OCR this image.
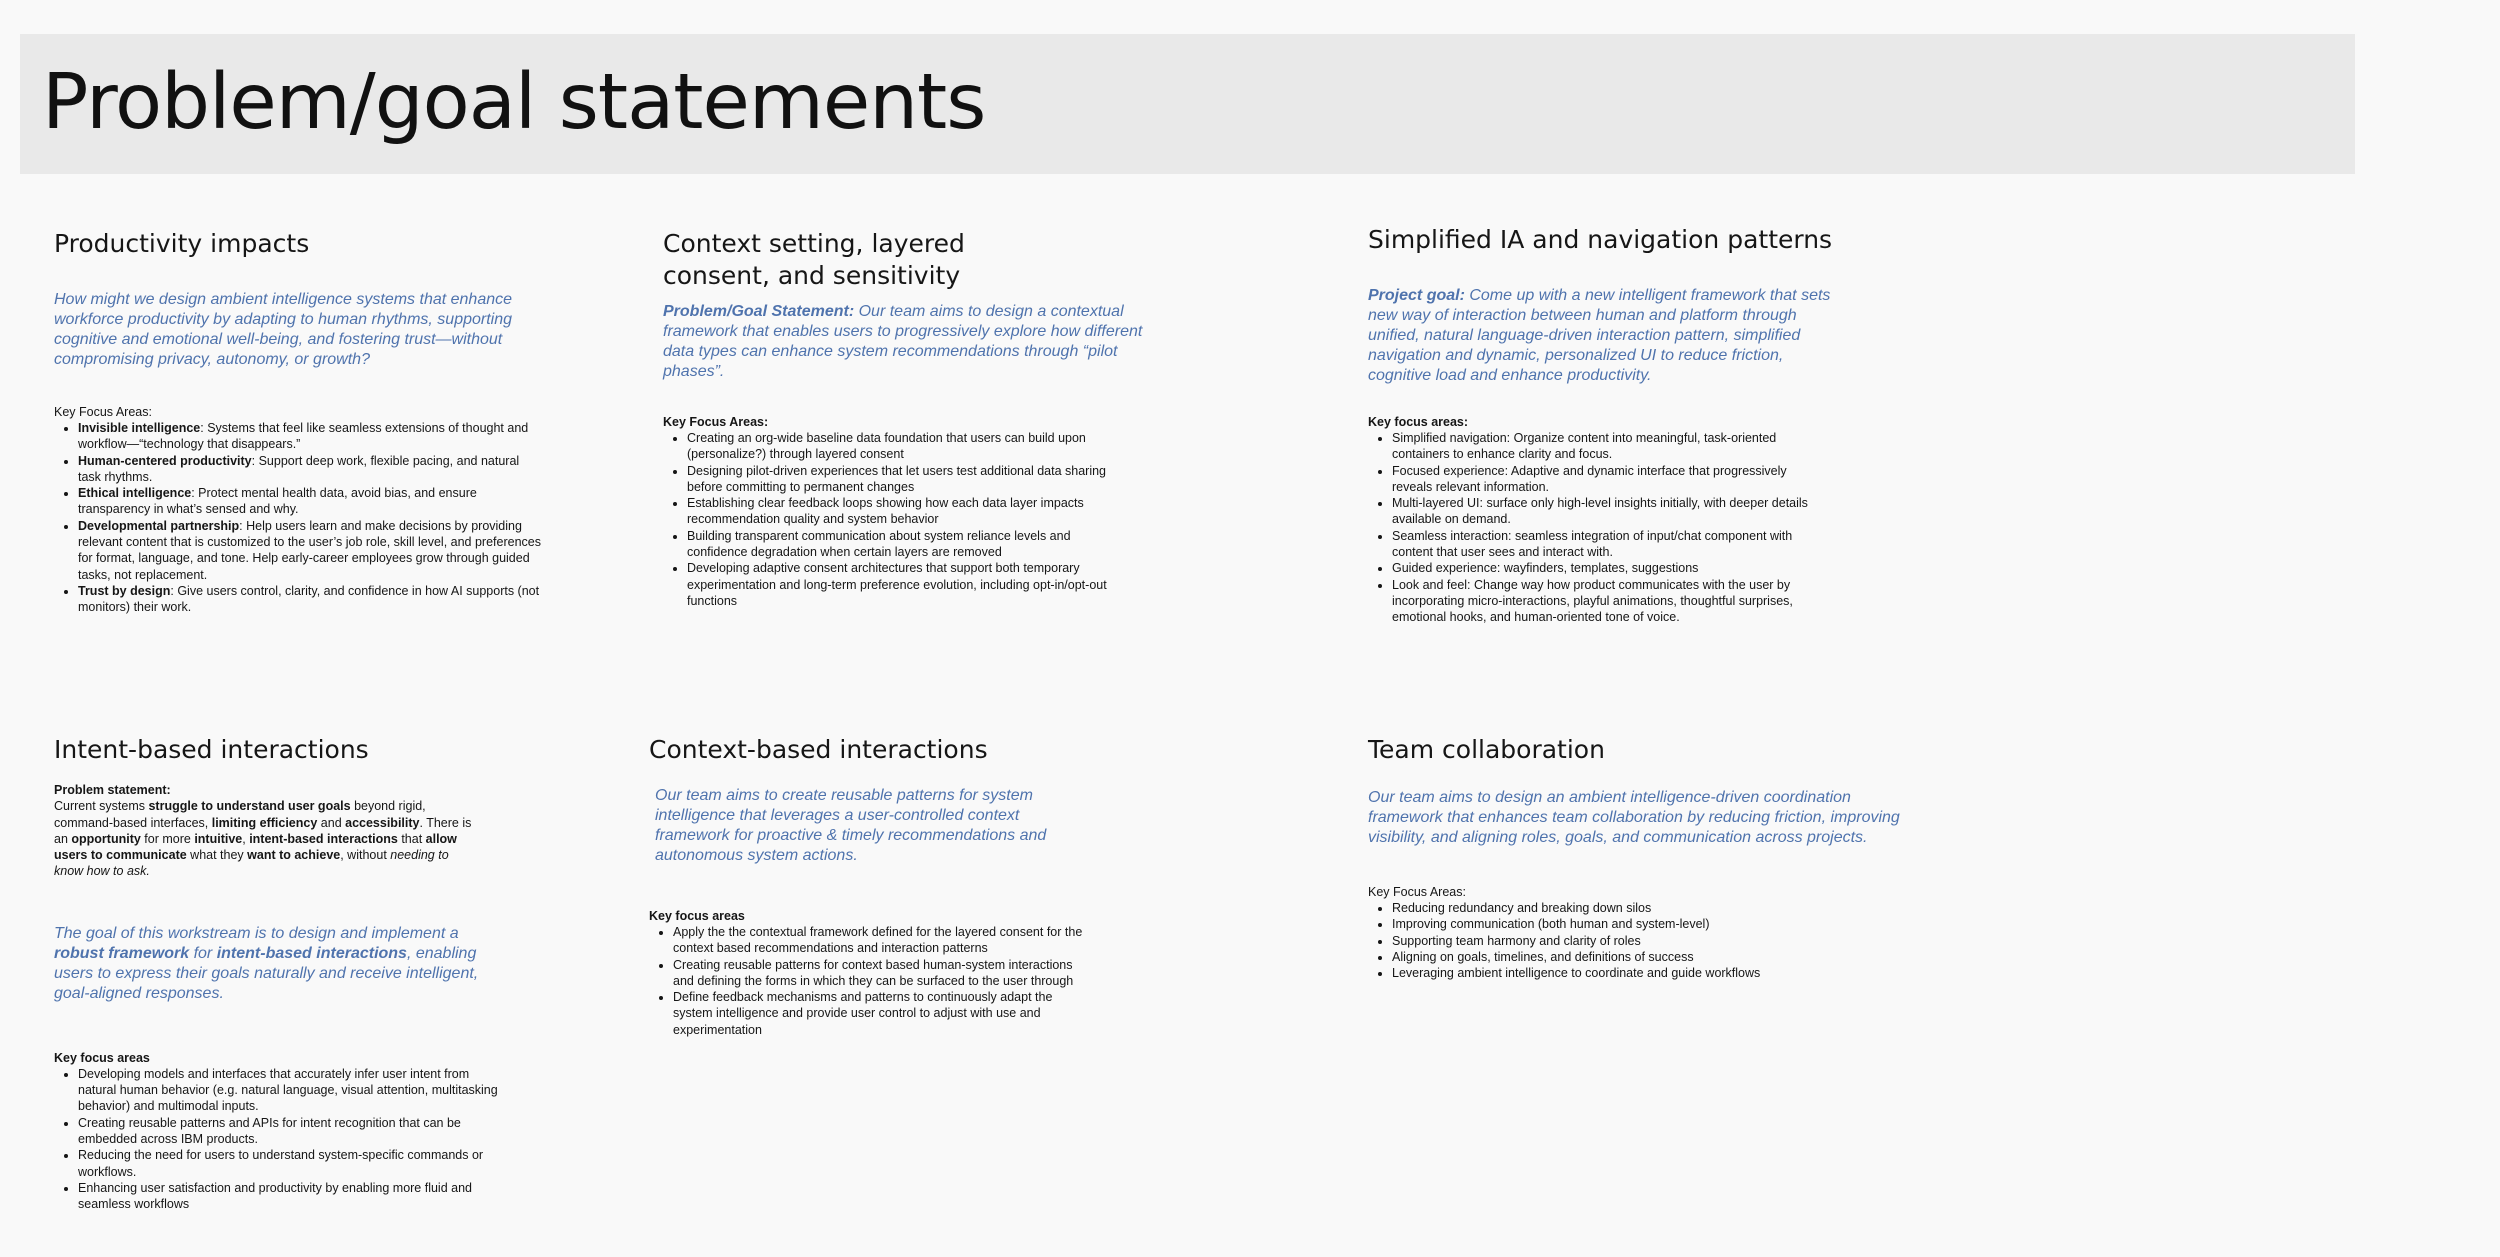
Problem/goal statements
Productivity impacts

How might we design ambient intelligence systems that enhance workforce productivity by adapting to human rhythms, supporting cognitive and emotional well-being, and fostering trust—without compromising privacy, autonomy, or growth?

Key Focus Areas:

• Invisible intelligence: Systems that feel like seamless extensions of thought and workflow—“technology that disappears.”
• Human-centered productivity: Support deep work, flexible pacing, and natural task rhythms.
• Ethical intelligence: Protect mental health data, avoid bias, and ensure transparency in what’s sensed and why.
• Developmental partnership: Help users learn and make decisions by providing relevant content that is customized to the user’s job role, skill level, and preferences for format, language, and tone. Help early-career employees grow through guided tasks, not replacement.
• Trust by design: Give users control, clarity, and confidence in how AI supports (not monitors) their work.
Context setting, layered consent, and sensitivity

Problem/Goal Statement: Our team aims to design a contextual framework that enables users to progressively explore how different data types can enhance system recommendations through “pilot phases”.

Key Focus Areas:

• Creating an org-wide baseline data foundation that users can build upon (personalize?) through layered consent
• Designing pilot-driven experiences that let users test additional data sharing before committing to permanent changes
• Establishing clear feedback loops showing how each data layer impacts recommendation quality and system behavior
• Building transparent communication about system reliance levels and confidence degradation when certain layers are removed
• Developing adaptive consent architectures that support both temporary experimentation and long-term preference evolution, including opt-in/opt-out functions
Simplified IA and navigation patterns

Project goal: Come up with a new intelligent framework that sets new way of interaction between human and platform through unified, natural language-driven interaction pattern, simplified navigation and dynamic, personalized UI to reduce friction, cognitive load and enhance productivity.

Key focus areas:

• Simplified navigation: Organize content into meaningful, task-oriented containers to enhance clarity and focus.
• Focused experience: Adaptive and dynamic interface that progressively reveals relevant information.
• Multi-layered UI: surface only high-level insights initially, with deeper details available on demand.
• Seamless interaction: seamless integration of input/chat component with content that user sees and interact with.
• Guided experience: wayfinders, templates, suggestions
• Look and feel: Change way how product communicates with the user by incorporating micro-interactions, playful animations, thoughtful surprises, emotional hooks, and human-oriented tone of voice.
Intent-based interactions
Problem statement:
Current systems struggle to understand user goals beyond rigid, command-based interfaces, limiting efficiency and accessibility. There is an opportunity for more intuitive, intent-based interactions that allow users to communicate what they want to achieve, without needing to know how to ask.

The goal of this workstream is to design and implement a robust framework for intent-based interactions, enabling users to express their goals naturally and receive intelligent, goal-aligned responses.

Key focus areas

• Developing models and interfaces that accurately infer user intent from natural human behavior (e.g. natural language, visual attention, multitasking behavior) and multimodal inputs.
• Creating reusable patterns and APIs for intent recognition that can be embedded across IBM products.
• Reducing the need for users to understand system-specific commands or workflows.
• Enhancing user satisfaction and productivity by enabling more fluid and seamless workflows
Context-based interactions

Our team aims to create reusable patterns for system intelligence that leverages a user-controlled context framework for proactive & timely recommendations and autonomous system actions.

Key focus areas

• Apply the the contextual framework defined for the layered consent for the context based recommendations and interaction patterns
• Creating reusable patterns for context based human-system interactions and defining the forms in which they can be surfaced to the user through
• Define feedback mechanisms and patterns to continuously adapt the system intelligence and provide user control to adjust with use and experimentation
Team collaboration

Our team aims to design an ambient intelligence-driven coordination framework that enhances team collaboration by reducing friction, improving visibility, and aligning roles, goals, and communication across projects.

Key Focus Areas:

• Reducing redundancy and breaking down silos
• Improving communication (both human and system-level)
• Supporting team harmony and clarity of roles
• Aligning on goals, timelines, and definitions of success
• Leveraging ambient intelligence to coordinate and guide workflows
